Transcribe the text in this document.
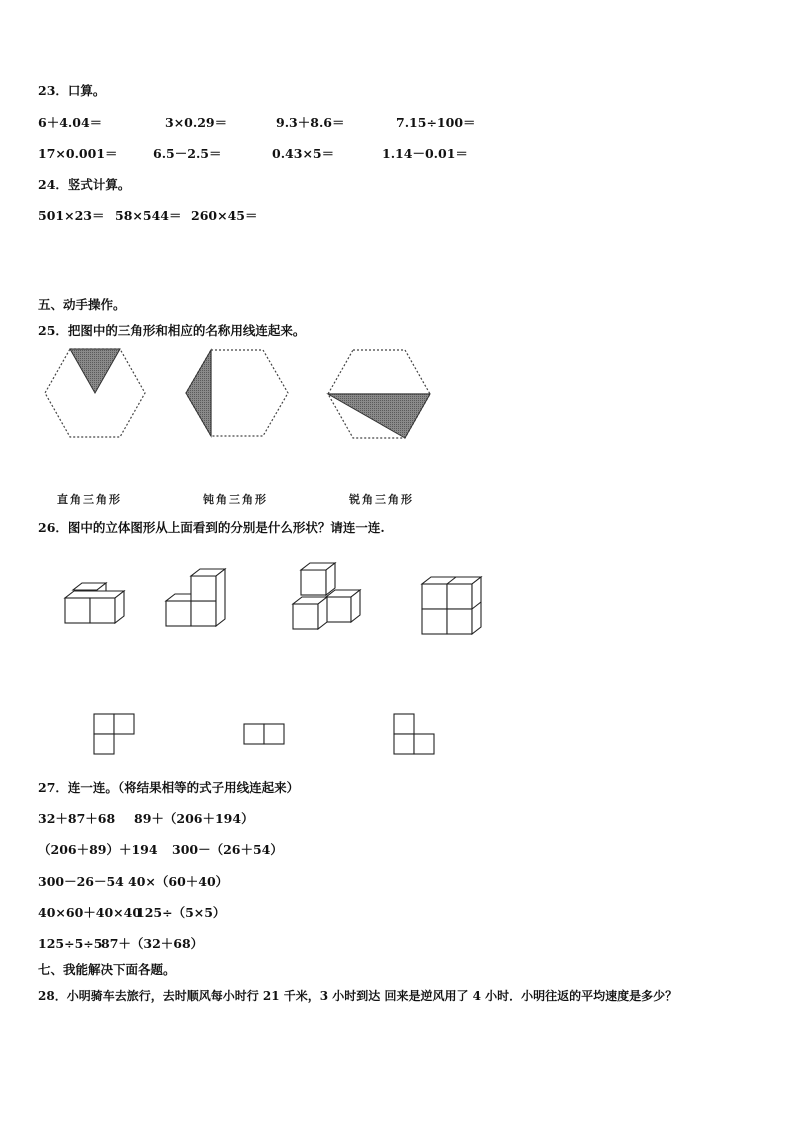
23．口算。
6＋4.04＝	3×0.29＝	9.3＋8.6＝	7.15÷100＝
17×0.001＝	6.5－2.5＝	0.43×5＝	1.14－0.01＝
24．竖式计算。
501×23＝ 58×544＝ 260×45＝
五、动手操作。
25．把图中的三角形和相应的名称用线连起来。
直角三角形	钝角三角形	锐角三角形
26．图中的立体图形从上面看到的分别是什么形状？请连一连.
27．连一连。（将结果相等的式子用线连起来）
32＋87＋68 89＋（206＋194）
（206＋89）＋194 300－（26＋54）
300－26－54 40×（60＋40）
40×60＋40×40
125÷（5×5）
125÷5÷5
87＋（32＋68）
七、我能解决下面各题。
28．小明骑车去旅行，去时顺风每小时行 21 千米，3 小时到达 回来是逆风用了 4 小时．小明往返的平均速度是多少？
